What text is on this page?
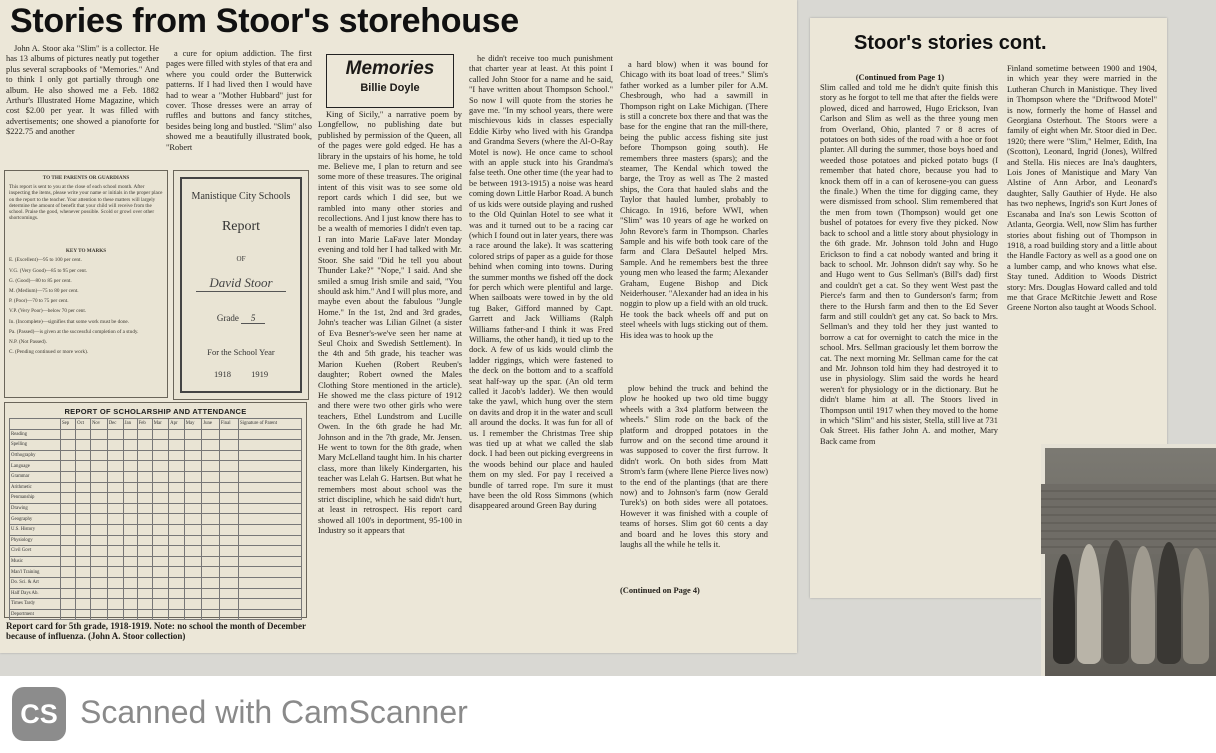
Stories from Stoor's storehouse

John A. Stoor aka "Slim" is a collector. He has 13 albums of pictures neatly put together plus several scrapbooks of "Memories." And to think I only got partially through one album. He also showed me a Feb. 1882 Arthur's Illustrated Home Magazine, which cost $2.00 per year. It was filled with advertisements; one showed a pianoforte for $222.75 and another

a cure for opium addiction. The first pages were filled with styles of that era and where you could order the Butterwick patterns. If I had lived then I would have had to wear a "Mother Hubbard" just for cover. Those dresses were an array of ruffles and buttons and fancy stitches, besides being long and bustled. "Slim" also showed me a beautifully illustrated book, "Robert

Memories
Billie Doyle

King of Sicily," a narrative poem by Longfellow, no publishing date but published by permission of the Queen, all of the pages were gold edged. He has a library in the upstairs of his home, he told me. Believe me, I plan to return and see some more of these treasures. The original intent of this visit was to see some old report cards which I did see, but we rambled into many other stories and recollections. And I just know there has to be a wealth of memories I didn't even tap. I ran into Marie LaFave later Monday evening and told her I had talked with Mr. Stoor. She said "Did he tell you about Thunder Lake?" "Nope," I said. And she smiled a smug Irish smile and said, "You should ask him." And I will plus more, and maybe even about the fabulous "Jungle Home." In the 1st, 2nd and 3rd grades, John's teacher was Lilian Gilnet (a sister of Eva Besner's-we've seen her name at Seul Choix and Swedish Settlement). In the 4th and 5th grade, his teacher was Marion Kuehen (Robert Reuben's daughter; Robert owned the Males Clothing Store mentioned in the article). He showed me the class picture of 1912 and there were two other girls who were teachers, Ethel Lundstrom and Lucille Owen. In the 6th grade he had Mr. Johnson and in the 7th grade, Mr. Jensen. He went to town for the 8th grade, when Mary McLelland taught him. In his charter class, more than likely Kindergarten, his teacher was Lelah G. Hartsen. But what he remembers most about school was the strict discipline, which he said didn't hurt, at least in retrospect. His report card showed all 100's in deportment, 95-100 in Industry so it appears that

he didn't receive too much punishment that charter year at least. At this point I called John Stoor for a name and he said, "I have written about Thompson School." So now I will quote from the stories he gave me. "In my school years, there were mischievous kids in classes especially Eddie Kirby who lived with his Grandpa and Grandma Severs (where the Al-O-Ray Motel is now). He once came to school with an apple stuck into his Grandma's false teeth. One other time (the year had to be between 1913-1915) a noise was heard coming down Little Harbor Road. A bunch of us kids were outside playing and rushed to the Old Quinlan Hotel to see what it was and it turned out to be a racing car (which I found out in later years, there was a race around the lake). It was scattering colored strips of paper as a guide for those behind when coming into towns. During the summer months we fished off the dock for perch which were plentiful and large. When sailboats were towed in by the old tug Baker, Gifford manned by Capt. Garrett and Jack Williams (Ralph Williams father-and I think it was Fred Williams, the other hand), it tied up to the dock. A few of us kids would climb the ladder riggings, which were fastened to the deck on the bottom and to a scaffold seat half-way up the spar. (An old term called it Jacob's ladder). We then would take the yawl, which hung over the stern on davits and drop it in the water and scull all around the docks. It was fun for all of us. I remember the Christmas Tree ship was tied up at what we called the slab dock. I had been out picking evergreens in the woods behind our place and hauled them on my sled. For pay I received a bundle of tarred rope. I'm sure it must have been the old Ross Simmons (which disappeared around Green Bay during

a hard blow) when it was bound for Chicago with its boat load of trees." Slim's father worked as a lumber piler for A.M. Chesbrough, who had a sawmill in Thompson right on Lake Michigan. (There is still a concrete box there and that was the base for the engine that ran the mill-there, being the public access fishing site just before Thompson going south). He remembers three masters (spars); and the steamer, The Kendal which towed the barge, the Troy as well as The 2 masted ships, the Cora that hauled slabs and the Taylor that hauled lumber, probably to Chicago. In 1916, before WWI, when "Slim" was 10 years of age he worked on John Revore's farm in Thompson. Charles Sample and his wife both took care of the farm and Clara DeSautel helped Mrs. Sample. And he remembers best the three young men who leased the farm; Alexander Graham, Eugene Bishop and Dick Neiderhouser. "Alexander had an idea in his noggin to plow up a field with an old truck. He took the back wheels off and put on steel wheels with lugs sticking out of them. His idea was to hook up the

plow behind the truck and behind the plow he hooked up two old time buggy wheels with a 3x4 platform between the wheels." Slim rode on the back of the platform and dropped potatoes in the furrow and on the second time around it was supposed to cover the first furrow. It didn't work. On both sides from Matt Strom's farm (where Ilene Pierce lives now) to the end of the plantings (that are there now) and to Johnson's farm (now Gerald Turek's) on both sides were all potatoes. However it was finished with a couple of teams of horses. Slim got 60 cents a day and board and he loves this story and laughs all the while he tells it.

(Continued on Page 4)
TO THE PARENTS OR GUARDIANS
This report is sent to you at the close of each school month. After inspecting the items, please write your name or initials in the proper place on the report to the teacher. Your attention to these matters will largely determine the amount of benefit that your child will receive from the school. Praise the good, whenever possible. Scold or growl over other shortcomings.
KEY TO MARKS
E. (Excellent)—95 to 100 per cent.
V.G. (Very Good)—85 to 95 per cent.
G. (Good)—80 to 85 per cent.
M. (Medium)—75 to 80 per cent.
P. (Poor)—70 to 75 per cent.
V.P. (Very Poor)—below 70 per cent.
In. (Incomplete)—signifies that some work must be done.
Pa. (Passed)—is given at the successful completion of a study.
N.P. (Not Passed).
C. (Pending continued or more work).
Manistique City Schools
Report
OF
David Stoor
Grade 5
For the School Year
1918 1919
REPORT OF SCHOLARSHIP AND ATTENDANCE
	Sep	Oct	Nov	Dec	Jan	Feb	Mar	Apr	May	June	Final	Signature of Parent
Reading												
Spelling												
Orthography												
Language												
Grammar												
Arithmetic												
Penmanship												
Drawing												
Geography												
U.S. History												
Physiology												
Civil Govt												
Music												
Man'l Training												
Do. Sci. & Art												
Half Days Ab.												
Times Tardy												
Deportment												
Report card for 5th grade, 1918-1919. Note: no school the month of December because of influenza. (John A. Stoor collection)
Stoor's stories cont.
(Continued from Page 1)

Slim called and told me he didn't quite finish this story as he forgot to tell me that after the fields were plowed, diced and harrowed, Hugo Erickson, Ivan Carlson and Slim as well as the three young men from Overland, Ohio, planted 7 or 8 acres of potatoes on both sides of the road with a hoe or foot planter. All during the summer, those boys hoed and weeded those potatoes and picked potato bugs (I remember that hated chore, because you had to knock them off in a can of kerosene-you can guess the finale.) When the time for digging came, they were dismissed from school. Slim remembered that the men from town (Thompson) would get one bushel of potatoes for every five they picked. Now back to school and a little story about physiology in the 6th grade. Mr. Johnson told John and Hugo Erickson to find a cat nobody wanted and bring it back to school. Mr. Johnson didn't say why. So he and Hugo went to Gus Sellman's (Bill's dad) first and couldn't get a cat. So they went West past the Pierce's farm and then to Gunderson's farm; from there to the Hursh farm and then to the Ed Sever farm and still couldn't get any cat. So back to Mrs. Sellman's and they told her they just wanted to borrow a cat for overnight to catch the mice in the school. Mrs. Sellman graciously let them borrow the cat. The next morning Mr. Sellman came for the cat and Mr. Johnson told him they had destroyed it to use in physiology. Slim said the words he heard weren't for physiology or in the dictionary. But he didn't blame him at all. The Stoors lived in Thompson until 1917 when they moved to the home in which "Slim" and his sister, Stella, still live at 731 Oak Street. His father John A. and mother, Mary Back came from

Finland sometime between 1900 and 1904, in which year they were married in the Lutheran Church in Manistique. They lived in Thompson where the "Driftwood Motel" is now, formerly the home of Hassel and Georgiana Osterhout. The Stoors were a family of eight when Mr. Stoor died in Dec. 1920; there were "Slim," Helmer, Edith, Ina (Scotton), Leonard, Ingrid (Jones), Wilfred and Stella. His nieces are Ina's daughters, Lois Jones of Manistique and Mary Van Alstine of Ann Arbor, and Leonard's daughter, Sally Gauthier of Hyde. He also has two nephews, Ingrid's son Kurt Jones of Escanaba and Ina's son Lewis Scotton of Atlanta, Georgia. Well, now Slim has further stories about fishing out of Thompson in 1918, a road building story and a little about the Handle Factory as well as a good one on a lumber camp, and who knows what else. Stay tuned. Addition to Woods District story: Mrs. Douglas Howard called and told me that Grace McRitchie Jewett and Rose Greene Norton also taught at Woods School.

CS Scanned with CamScanner
